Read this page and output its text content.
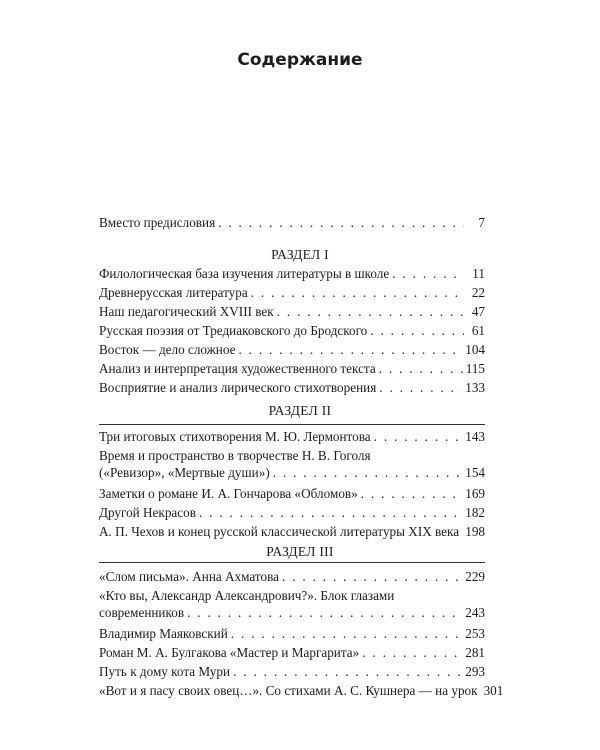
Содержание
Вместо предисловия . . .	7
РАЗДЕЛ I
Филологическая база изучения литературы в школе . . .	11
Древнерусская литература . . .	22
Наш педагогический XVIII век . . .	47
Русская поэзия от Тредиаковского до Бродского . . .	61
Восток — дело сложное . . .	104
Анализ и интерпретация художественного текста . . .	115
Восприятие и анализ лирического стихотворения . . .	133
РАЗДЕЛ II
Три итоговых стихотворения М. Ю. Лермонтова . . .	143
Время и пространство в творчестве Н. В. Гоголя
(«Ревизор», «Мертвые души») . . .	154
Заметки о романе И. А. Гончарова «Обломов» . . .	169
Другой Некрасов . . .	182
А. П. Чехов и конец русской классической литературы XIX века . . . 198
РАЗДЕЛ III
«Слом письма». Анна Ахматова . . .	229
«Кто вы, Александр Александрович?». Блок глазами
современников . . .	243
Владимир Маяковский . . .	253
Роман М. А. Булгакова «Мастер и Маргарита» . . .	281
Путь к дому кота Мури . . .	293
«Вот и я пасу своих овец…». Со стихами А. С. Кушнера — на урок 301
